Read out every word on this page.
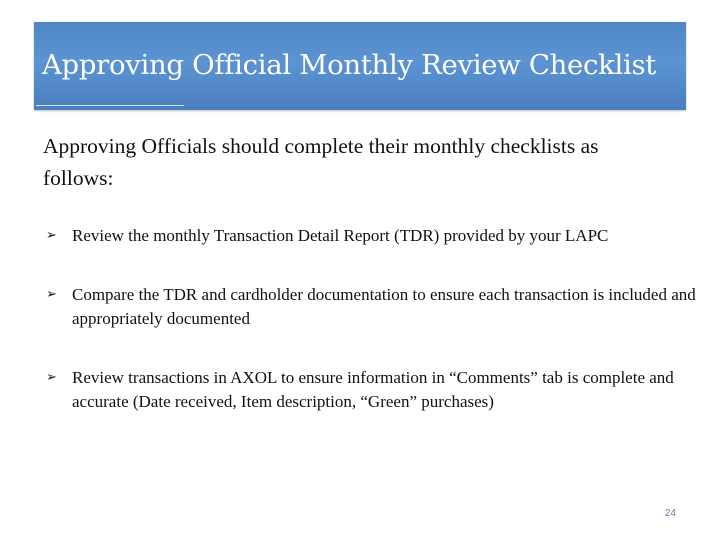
Approving Official Monthly Review Checklist
Approving Officials should complete their monthly checklists as follows:
➢ Review the monthly Transaction Detail Report (TDR) provided by your LAPC
➢ Compare the TDR and cardholder documentation to ensure each transaction is included and appropriately documented
➢ Review transactions in AXOL to ensure information in “Comments” tab is complete and accurate (Date received, Item description, “Green” purchases)
24
